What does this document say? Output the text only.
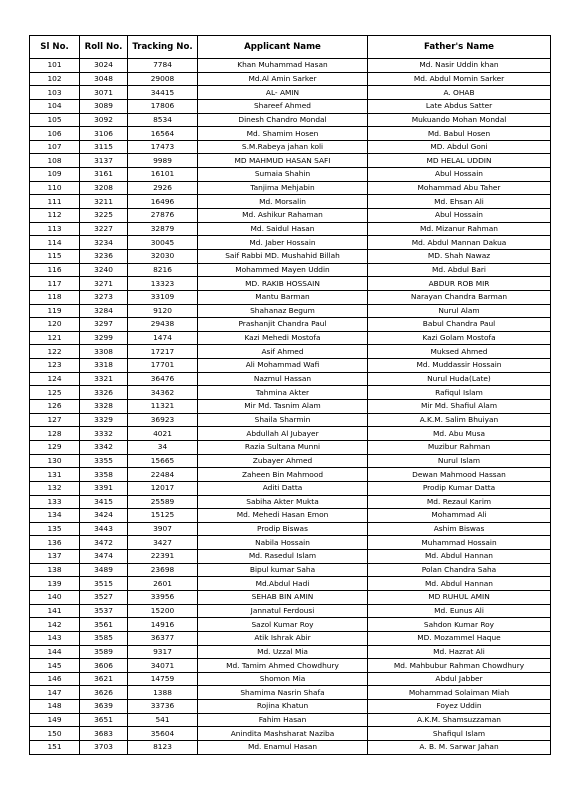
Sl No.	Roll No.	Tracking No.	Applicant Name	Father's Name
101	3024	7784	Khan Muhammad Hasan	Md. Nasir Uddin khan
102	3048	29008	Md.Al Amin Sarker	Md. Abdul Momin Sarker
103	3071	34415	AL- AMIN	A. OHAB
104	3089	17806	Shareef Ahmed	Late Abdus Satter
105	3092	8534	Dinesh Chandro Mondal	Mukuando Mohan Mondal
106	3106	16564	Md. Shamim Hosen	Md. Babul Hosen
107	3115	17473	S.M.Rabeya jahan koli	MD. Abdul Goni
108	3137	9989	MD MAHMUD HASAN SAFI	MD HELAL UDDIN
109	3161	16101	Sumaia Shahin	Abul Hossain
110	3208	2926	Tanjima Mehjabin	Mohammad Abu Taher
111	3211	16496	Md. Morsalin	Md. Ehsan Ali
112	3225	27876	Md. Ashikur Rahaman	Abul Hossain
113	3227	32879	Md. Saidul Hasan	Md. Mizanur Rahman
114	3234	30045	Md. Jaber Hossain	Md. Abdul Mannan Dakua
115	3236	32030	Saif Rabbi MD. Mushahid Billah	MD. Shah Nawaz
116	3240	8216	Mohammed Mayen Uddin	Md. Abdul Bari
117	3271	13323	MD. RAKIB HOSSAIN	ABDUR ROB MIR
118	3273	33109	Mantu Barman	Narayan Chandra Barman
119	3284	9120	Shahanaz Begum	Nurul Alam
120	3297	29438	Prashanjit Chandra Paul	Babul Chandra Paul
121	3299	1474	Kazi Mehedi Mostofa	Kazi Golam Mostofa
122	3308	17217	Asif Ahmed	Muksed Ahmed
123	3318	17701	Ali Mohammad Wafi	Md. Muddassir Hossain
124	3321	36476	Nazmul Hassan	Nurul Huda(Late)
125	3326	34362	Tahmina Akter	Rafiqul Islam
126	3328	11321	Mir Md. Tasnim Alam	Mir Md. Shafiul Alam
127	3329	36923	Shaila Sharmin	A.K.M. Salim Bhuiyan
128	3332	4021	Abdullah Al Jubayer	Md. Abu Musa
129	3342	34	Razia Sultana Munni	Muzibur Rahman
130	3355	15665	Zubayer Ahmed	Nurul Islam
131	3358	22484	Zaheen Bin Mahmood	Dewan Mahmood Hassan
132	3391	12017	Aditi Datta	Prodip Kumar Datta
133	3415	25589	Sabiha Akter Mukta	Md. Rezaul Karim
134	3424	15125	Md. Mehedi Hasan Emon	Mohammad Ali
135	3443	3907	Prodip Biswas	Ashim Biswas
136	3472	3427	Nabila Hossain	Muhammad Hossain
137	3474	22391	Md. Rasedul Islam	Md. Abdul Hannan
138	3489	23698	Bipul kumar Saha	Polan Chandra Saha
139	3515	2601	Md.Abdul Hadi	Md. Abdul Hannan
140	3527	33956	SEHAB BIN AMIN	MD RUHUL AMIN
141	3537	15200	Jannatul Ferdousi	Md. Eunus Ali
142	3561	14916	Sazol Kumar Roy	Sahdon Kumar Roy
143	3585	36377	Atik Ishrak Abir	MD. Mozammel Haque
144	3589	9317	Md. Uzzal Mia	Md. Hazrat Ali
145	3606	34071	Md. Tamim Ahmed Chowdhury	Md. Mahbubur Rahman Chowdhury
146	3621	14759	Shomon Mia	Abdul Jabber
147	3626	1388	Shamima Nasrin Shafa	Mohammad Solaiman Miah
148	3639	33736	Rojina Khatun	Foyez Uddin
149	3651	541	Fahim Hasan	A.K.M. Shamsuzzaman
150	3683	35604	Anindita Mashsharat Naziba	Shafiqul Islam
151	3703	8123	Md. Enamul Hasan	A. B. M. Sarwar Jahan
